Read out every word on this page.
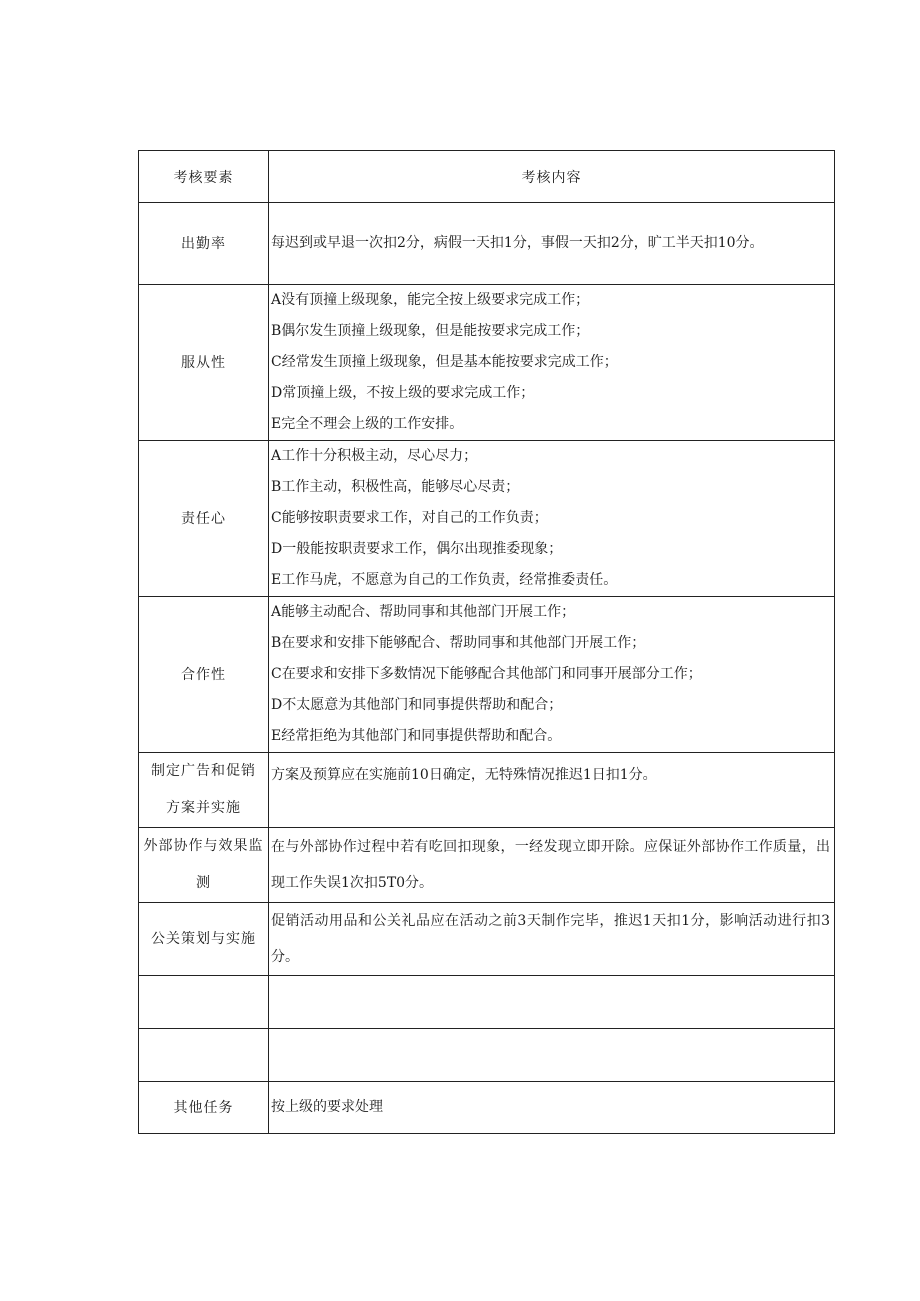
考核要素	考核内容
出勤率	每迟到或早退一次扣2分，病假一天扣1分，事假一天扣2分，旷工半天扣10分。

服从性	A没有顶撞上级现象，能完全按上级要求完成工作；
B偶尔发生顶撞上级现象，但是能按要求完成工作；
C经常发生顶撞上级现象，但是基本能按要求完成工作；
D常顶撞上级，不按上级的要求完成工作；
E完全不理会上级的工作安排。

责任心	A工作十分积极主动，尽心尽力；
B工作主动，积极性高，能够尽心尽责；
C能够按职责要求工作，对自己的工作负责；
D一般能按职责要求工作，偶尔出现推委现象；
E工作马虎，不愿意为自己的工作负责，经常推委责任。

合作性	A能够主动配合、帮助同事和其他部门开展工作；
B在要求和安排下能够配合、帮助同事和其他部门开展工作；
C在要求和安排下多数情况下能够配合其他部门和同事开展部分工作；
D不太愿意为其他部门和同事提供帮助和配合；
E经常拒绝为其他部门和同事提供帮助和配合。

制定广告和促销方案并实施	方案及预算应在实施前10日确定，无特殊情况推迟1日扣1分。

外部协作与效果监测	在与外部协作过程中若有吃回扣现象，一经发现立即开除。应保证外部协作工作质量，出现工作失误1次扣5T0分。

公关策划与实施	促销活动用品和公关礼品应在活动之前3天制作完毕，推迟1天扣1分，影响活动进行扣3分。

其他任务	按上级的要求处理
